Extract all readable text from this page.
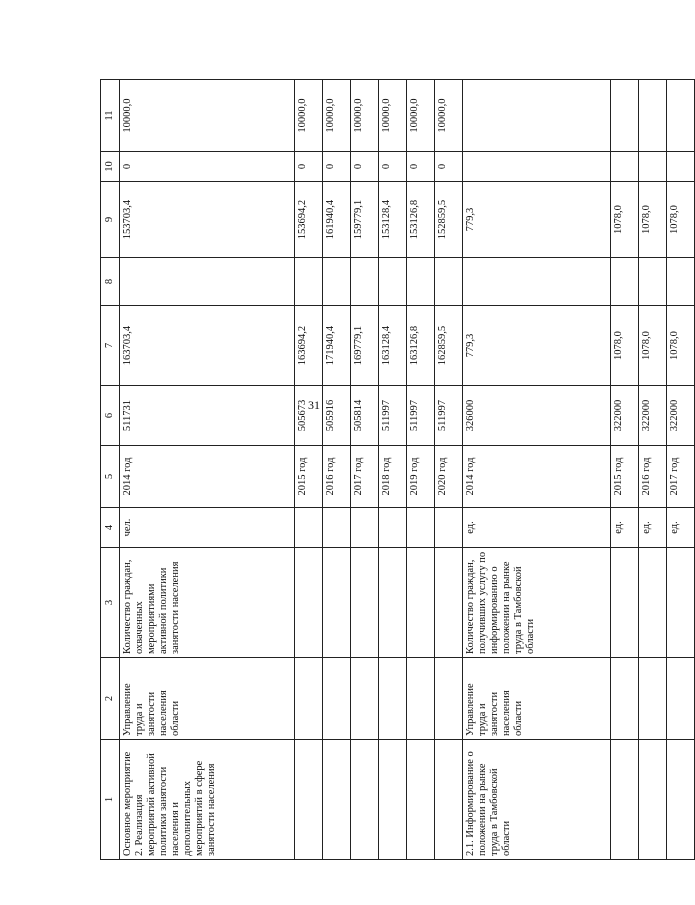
31
1	2	3	4	5	6	7	8	9	10	11
Основное мероприятие 2. Реализация мероприятий активной политики занятости населения и дополнительных мероприятий в сфере занятости населения	Управление труда и занятости населения области	Количество граждан, охваченных мероприятиями активной политики занятости населения	чел.	2014 год	511731	163703,4		153703,4	0	10000,0
				2015 год	505673	163694,2		153694,2	0	10000,0
				2016 год	505916	171940,4		161940,4	0	10000,0
				2017 год	505814	169779,1		159779,1	0	10000,0
				2018 год	511997	163128,4		153128,4	0	10000,0
				2019 год	511997	163126,8		153126,8	0	10000,0
				2020 год	511997	162859,5		152859,5	0	10000,0
2.1. Информирование о положении на рынке труда в Тамбовской области	Управление труда и занятости населения области	Количество граждан, получивших услугу по информированию о положении на рынке труда в Тамбовской области	ед.	2014 год	326000	779,3		779,3		
			ед.	2015 год	322000	1078,0		1078,0		
			ед.	2016 год	322000	1078,0		1078,0		
			ед.	2017 год	322000	1078,0		1078,0		
